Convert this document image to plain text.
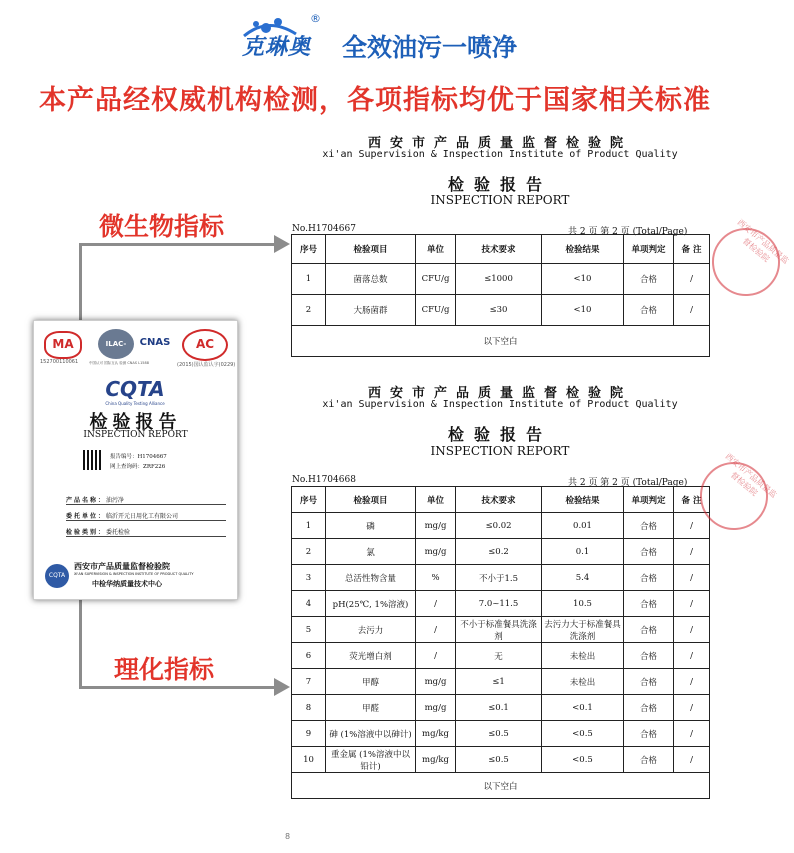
克琳奥
®
全效油污一喷净
本产品经权威机构检测，各项指标均优于国家相关标准
西安市产品质量监督检验院
xi'an Supervision & Inspection Institute of Product Quality
检验报告
INSPECTION REPORT
No.H1704667	共 2 页 第 2 页 (Total/Page)
序号	检验项目	单位	技术要求	检验结果	单项判定	备 注
1	菌落总数	CFU/g	≤1000	<10	合格	/
2	大肠菌群	CFU/g	≤30	<10	合格	/
以下空白						
西安市产品质量监督检验院
西安市产品质量监督检验院
xi'an Supervision & Inspection Institute of Product Quality
检验报告
INSPECTION REPORT
No.H1704668	共 2 页 第 2 页 (Total/Page)
序号	检验项目	单位	技术要求	检验结果	单项判定	备 注
1	磷	mg/g	≤0.02	0.01	合格	/
2	氯	mg/g	≤0.2	0.1	合格	/
3	总活性物含量	%	不小于1.5	5.4	合格	/
4	pH(25℃, 1%溶液)	/	7.0~11.5	10.5	合格	/
5	去污力	/	不小于标准餐具洗涤剂	去污力大于标准餐具洗涤剂	合格	/
6	荧光增白剂	/	无	未检出	合格	/
7	甲醇	mg/g	≤1	未检出	合格	/
8	甲醛	mg/g	≤0.1	<0.1	合格	/
9	砷 (1%溶液中以砷计)	mg/kg	≤0.5	<0.5	合格	/
10	重金属 (1%溶液中以铅计)	mg/kg	≤0.5	<0.5	合格	/
以下空白						
西安市产品质量监督检验院
微生物指标
理化指标
MA
152700110061
ILAC-MRA
中国认可 国际互认 检测 CNAS L1588
CNAS	AC
(2015)国认监认字(0229)
CQTA
China Quality Testing Alliance
检验报告
INSPECTION REPORT
报告编号：H1704667
网上查询码：ZRF226
产品名称：油污净
委托单位：临沂开元日用化工有限公司
检验类别：委托检验
CQTA
西安市产品质量监督检验院
XI'AN SUPERVISION & INSPECTION INSTITUTE OF PRODUCT QUALITY
中检华纳质量技术中心
8
